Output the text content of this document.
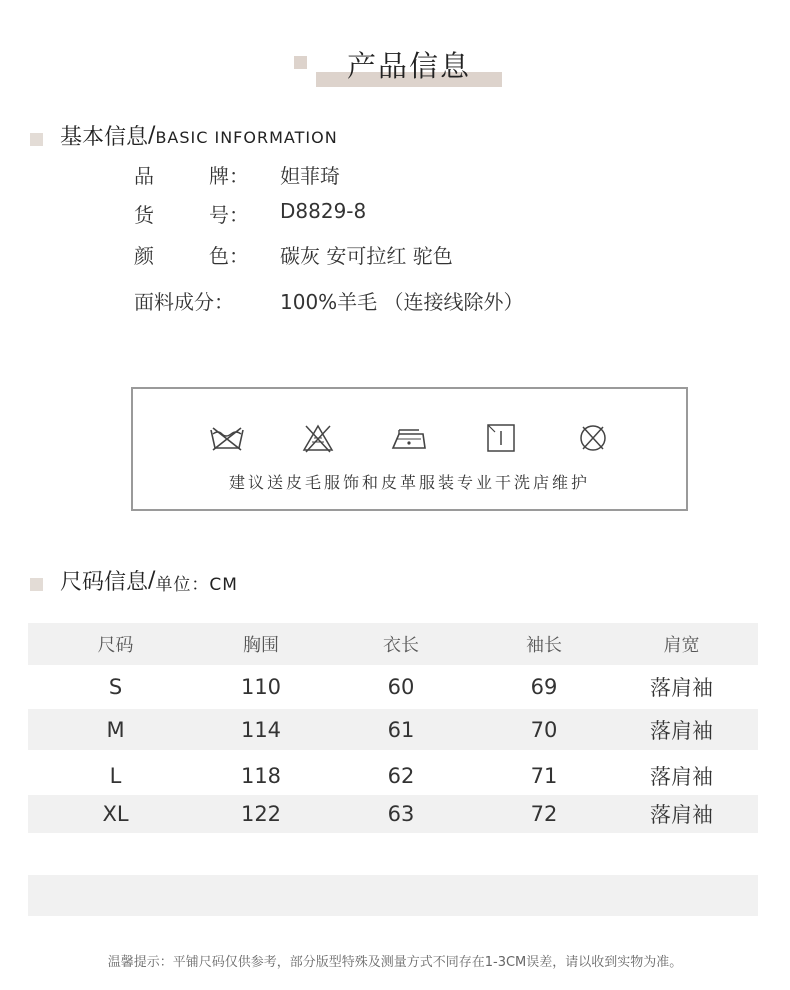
产品信息
基本信息 / BASIC INFORMATION
品	牌： 妲菲琦
货	号： D8829-8
颜	色： 碳灰 安可拉红 驼色
面料成分：	100%羊毛 （连接线除外）
建议送皮毛服饰和皮革服装专业干洗店维护
尺码信息 / 单位：CM
尺码	胸围	衣长	袖长	肩宽
S	110	60	69	落肩袖
M	114	61	70	落肩袖
L	118	62	71	落肩袖
XL	122	63	72	落肩袖
温馨提示：平铺尺码仅供参考，部分版型特殊及测量方式不同存在1-3CM误差，请以收到实物为准。
